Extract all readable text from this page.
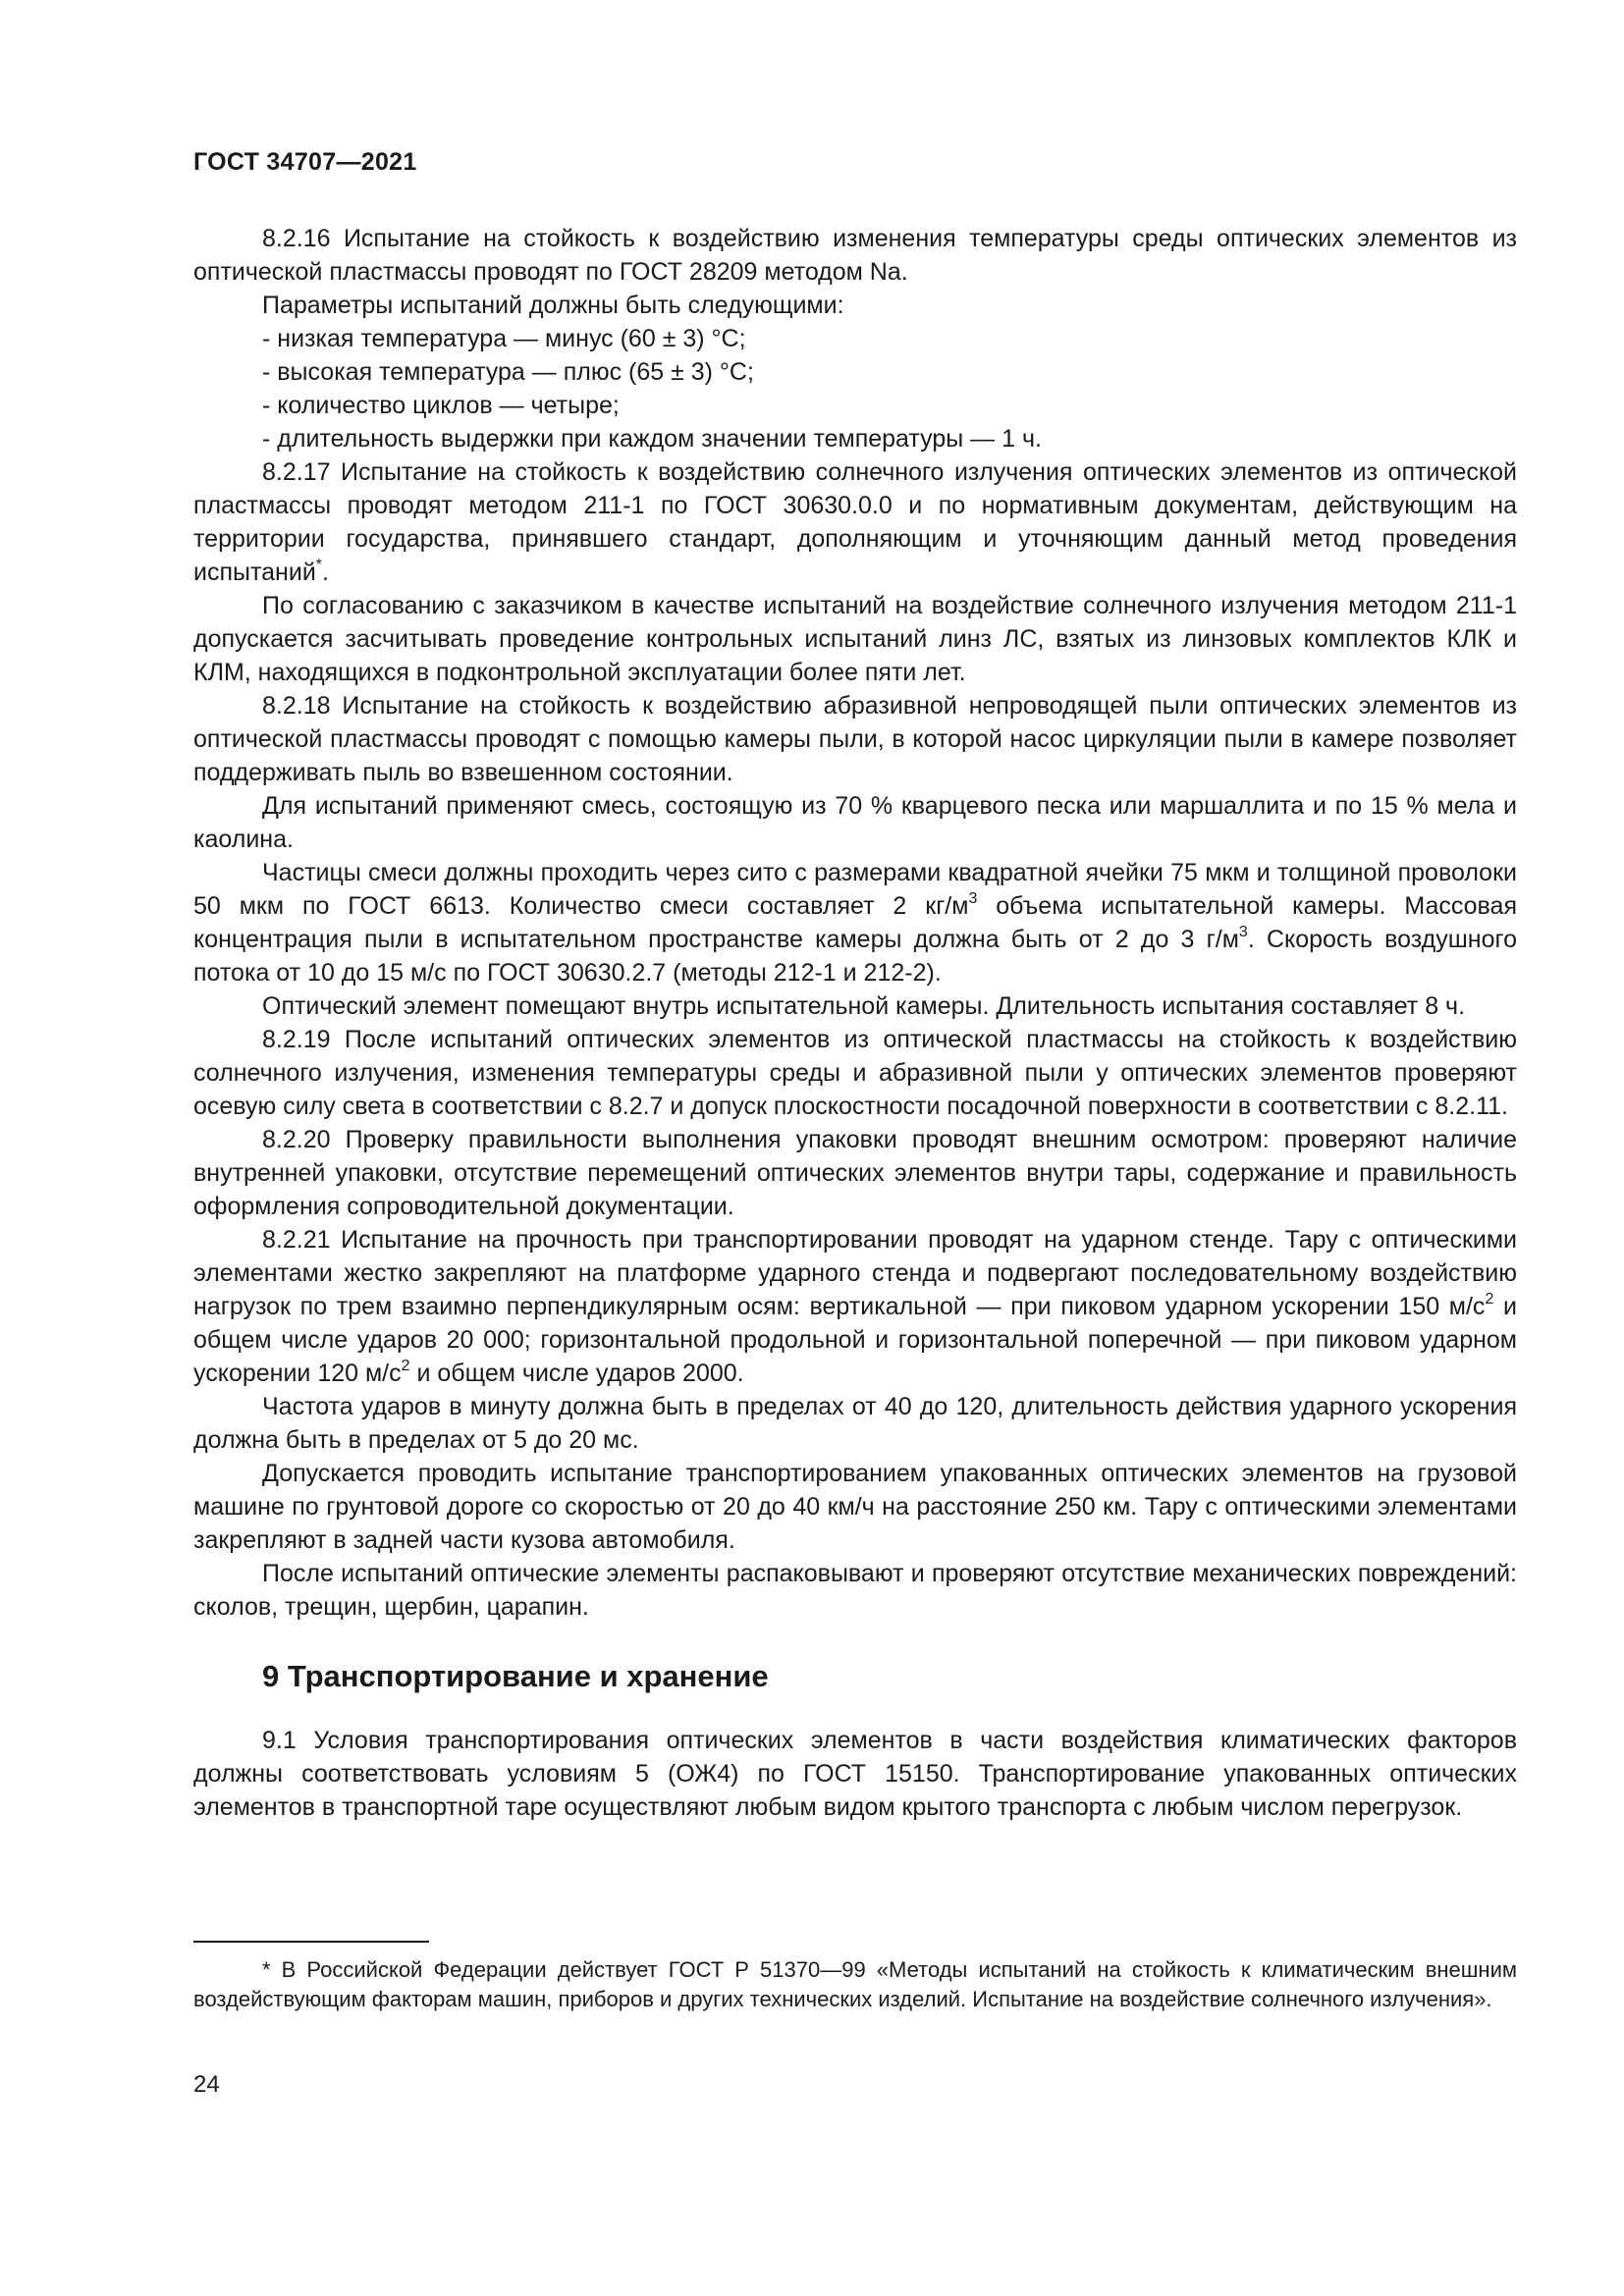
ГОСТ 34707—2021

8.2.16 Испытание на стойкость к воздействию изменения температуры среды оптических элементов из оптической пластмассы проводят по ГОСТ 28209 методом Na.

Параметры испытаний должны быть следующими:

- низкая температура — минус (60 ± 3) °С;

- высокая температура — плюс (65 ± 3) °С;

- количество циклов — четыре;

- длительность выдержки при каждом значении температуры — 1 ч.

8.2.17 Испытание на стойкость к воздействию солнечного излучения оптических элементов из оптической пластмассы проводят методом 211-1 по ГОСТ 30630.0.0 и по нормативным документам, действующим на территории государства, принявшего стандарт, дополняющим и уточняющим данный метод проведения испытаний*.

По согласованию с заказчиком в качестве испытаний на воздействие солнечного излучения методом 211-1 допускается засчитывать проведение контрольных испытаний линз ЛС, взятых из линзовых комплектов КЛК и КЛМ, находящихся в подконтрольной эксплуатации более пяти лет.

8.2.18 Испытание на стойкость к воздействию абразивной непроводящей пыли оптических элементов из оптической пластмассы проводят с помощью камеры пыли, в которой насос циркуляции пыли в камере позволяет поддерживать пыль во взвешенном состоянии.

Для испытаний применяют смесь, состоящую из 70 % кварцевого песка или маршаллита и по 15 % мела и каолина.

Частицы смеси должны проходить через сито с размерами квадратной ячейки 75 мкм и толщиной проволоки 50 мкм по ГОСТ 6613. Количество смеси составляет 2 $кг/м^3$ объема испытательной камеры. Массовая концентрация пыли в испытательном пространстве камеры должна быть от 2 до 3 $г/м^3$. Скорость воздушного потока от 10 до 15 м/с по ГОСТ 30630.2.7 (методы 212-1 и 212-2).

Оптический элемент помещают внутрь испытательной камеры. Длительность испытания составляет 8 ч.

8.2.19 После испытаний оптических элементов из оптической пластмассы на стойкость к воздействию солнечного излучения, изменения температуры среды и абразивной пыли у оптических элементов проверяют осевую силу света в соответствии с 8.2.7 и допуск плоскостности посадочной поверхности в соответствии с 8.2.11.

8.2.20 Проверку правильности выполнения упаковки проводят внешним осмотром: проверяют наличие внутренней упаковки, отсутствие перемещений оптических элементов внутри тары, содержание и правильность оформления сопроводительной документации.

8.2.21 Испытание на прочность при транспортировании проводят на ударном стенде. Тару с оптическими элементами жестко закрепляют на платформе ударного стенда и подвергают последовательному воздействию нагрузок по трем взаимно перпендикулярным осям: вертикальной — при пиковом ударном ускорении 150 $м/с^2$ и общем числе ударов 20 000; горизонтальной продольной и горизонтальной поперечной — при пиковом ударном ускорении 120 $м/с^2$ и общем числе ударов 2000.

Частота ударов в минуту должна быть в пределах от 40 до 120, длительность действия ударного ускорения должна быть в пределах от 5 до 20 мс.

Допускается проводить испытание транспортированием упакованных оптических элементов на грузовой машине по грунтовой дороге со скоростью от 20 до 40 км/ч на расстояние 250 км. Тару с оптическими элементами закрепляют в задней части кузова автомобиля.

После испытаний оптические элементы распаковывают и проверяют отсутствие механических повреждений: сколов, трещин, щербин, царапин.

9 Транспортирование и хранение

9.1 Условия транспортирования оптических элементов в части воздействия климатических факторов должны соответствовать условиям 5 (ОЖ4) по ГОСТ 15150. Транспортирование упакованных оптических элементов в транспортной таре осуществляют любым видом крытого транспорта с любым числом перегрузок.

* В Российской Федерации действует ГОСТ Р 51370—99 «Методы испытаний на стойкость к климатическим внешним воздействующим факторам машин, приборов и других технических изделий. Испытание на воздействие солнечного излучения».
24
